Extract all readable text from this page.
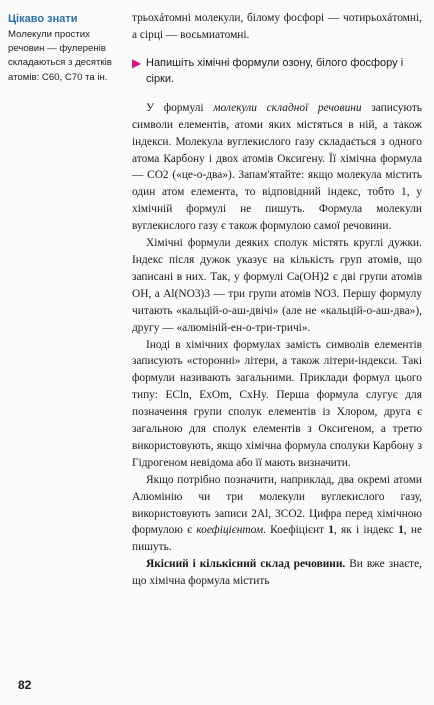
Цікаво знати

Молекули простих речовин — фулеренів складаються з десятків атомів: C60, C70 та ін.

трьохáтомні молекули, білому фосфорі — чотирьохáтомні, а сірці — восьмиатомні.

▶ Напишіть хімічні формули озону, білого фосфору і сірки.

У формулі молекули складної речовини записують символи елементів, атоми яких містяться в ній, а також індекси. Молекула вуглекислого газу складається з одного атома Карбону і двох атомів Оксигену. Її хімічна формула — CO2 («це-о-два»). Запам'ятайте: якщо молекула містить один атом елемента, то відповідний індекс, тобто 1, у хімічній формулі не пишуть. Формула молекули вуглекислого газу є також формулою самої речовини.

Хімічні формули деяких сполук містять круглі дужки. Індекс після дужок указує на кількість груп атомів, що записані в них. Так, у формулі Ca(OH)2 є дві групи атомів OH, а Al(NO3)3 — три групи атомів NO3. Першу формулу читають «кальцій-о-аш-двічі» (але не «кальцій-о-аш-два»), другу — «алюміній-ен-о-три-тричі».

Іноді в хімічних формулах замість символів елементів записують «сторонні» літери, а також літери-індекси. Такі формули називають загальними. Приклади формул цього типу: ECln, ExOm, CxHy. Перша формула слугує для позначення групи сполук елементів із Хлором, друга є загальною для сполук елементів з Оксигеном, а третю використовують, якщо хімічна формула сполуки Карбону з Гідрогеном невідома або її мають визначити.

Якщо потрібно позначити, наприклад, два окремі атоми Алюмінію чи три молекули вуглекислого газу, використовують записи 2Al, 3CO2. Цифра перед хімічною формулою є коефіцієнтом. Коефіцієнт 1, як і індекс 1, не пишуть.

Якісний і кількісний склад речовини. Ви вже знаєте, що хімічна формула містить

82
